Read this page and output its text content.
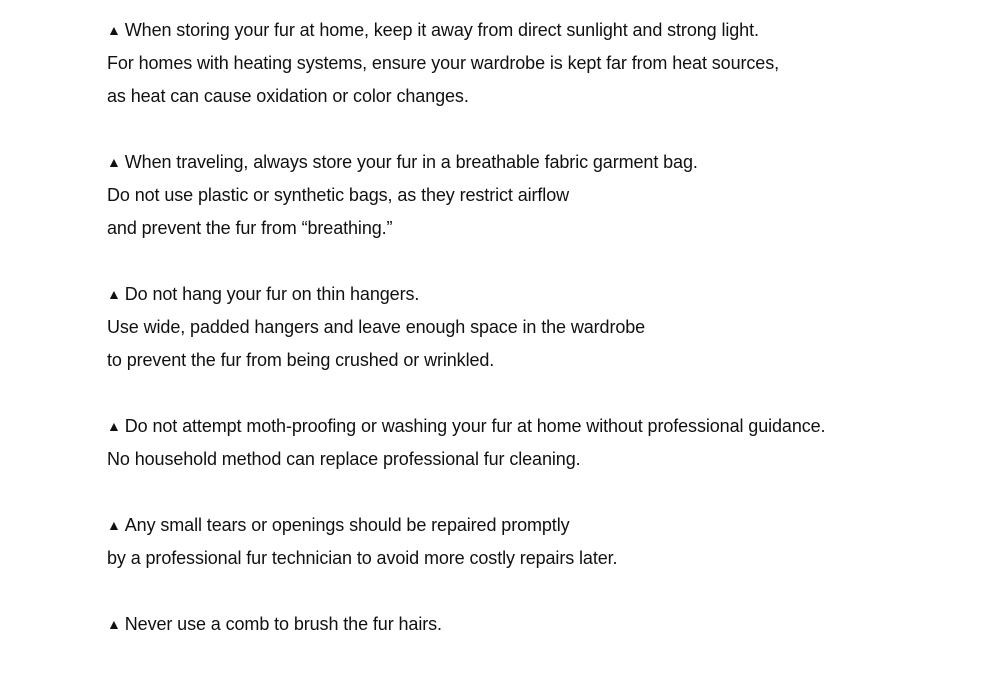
▲ When storing your fur at home, keep it away from direct sunlight and strong light.
For homes with heating systems, ensure your wardrobe is kept far from heat sources,
as heat can cause oxidation or color changes.
▲ When traveling, always store your fur in a breathable fabric garment bag.
Do not use plastic or synthetic bags, as they restrict airflow
and prevent the fur from “breathing.”
▲ Do not hang your fur on thin hangers.
Use wide, padded hangers and leave enough space in the wardrobe
to prevent the fur from being crushed or wrinkled.
▲ Do not attempt moth-proofing or washing your fur at home without professional guidance.
No household method can replace professional fur cleaning.
▲ Any small tears or openings should be repaired promptly
by a professional fur technician to avoid more costly repairs later.
▲ Never use a comb to brush the fur hairs.
